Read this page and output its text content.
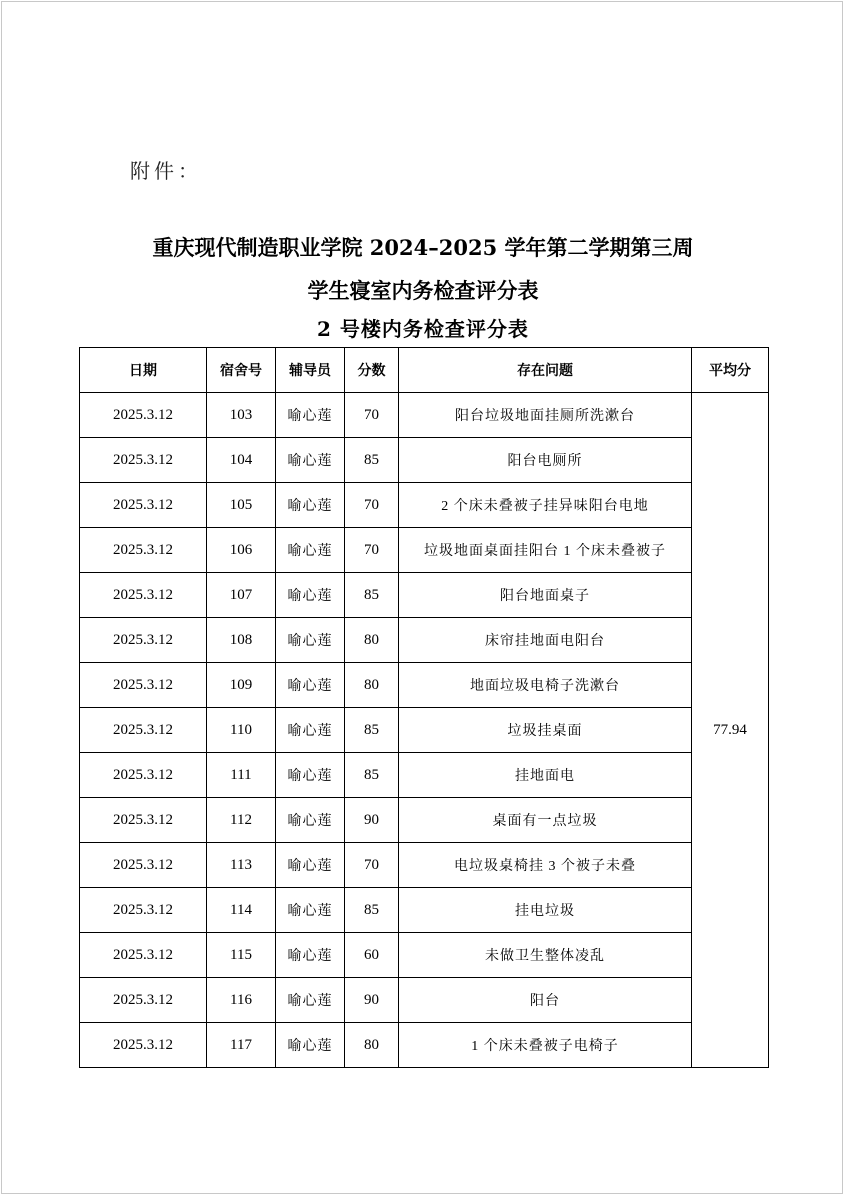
附件：
重庆现代制造职业学院 2024–2025 学年第二学期第三周
学生寝室内务检查评分表
2 号楼内务检查评分表
日期	宿舍号	辅导员	分数	存在问题	平均分
2025.3.12	103	喻心莲	70	阳台垃圾地面挂厕所洗漱台	77.94
2025.3.12	104	喻心莲	85	阳台电厕所	
2025.3.12	105	喻心莲	70	2 个床未叠被子挂异味阳台电地	
2025.3.12	106	喻心莲	70	垃圾地面桌面挂阳台 1 个床未叠被子	
2025.3.12	107	喻心莲	85	阳台地面桌子	
2025.3.12	108	喻心莲	80	床帘挂地面电阳台	
2025.3.12	109	喻心莲	80	地面垃圾电椅子洗漱台	
2025.3.12	110	喻心莲	85	垃圾挂桌面	
2025.3.12	111	喻心莲	85	挂地面电	
2025.3.12	112	喻心莲	90	桌面有一点垃圾	
2025.3.12	113	喻心莲	70	电垃圾桌椅挂 3 个被子未叠	
2025.3.12	114	喻心莲	85	挂电垃圾	
2025.3.12	115	喻心莲	60	未做卫生整体凌乱	
2025.3.12	116	喻心莲	90	阳台	
2025.3.12	117	喻心莲	80	1 个床未叠被子电椅子	
